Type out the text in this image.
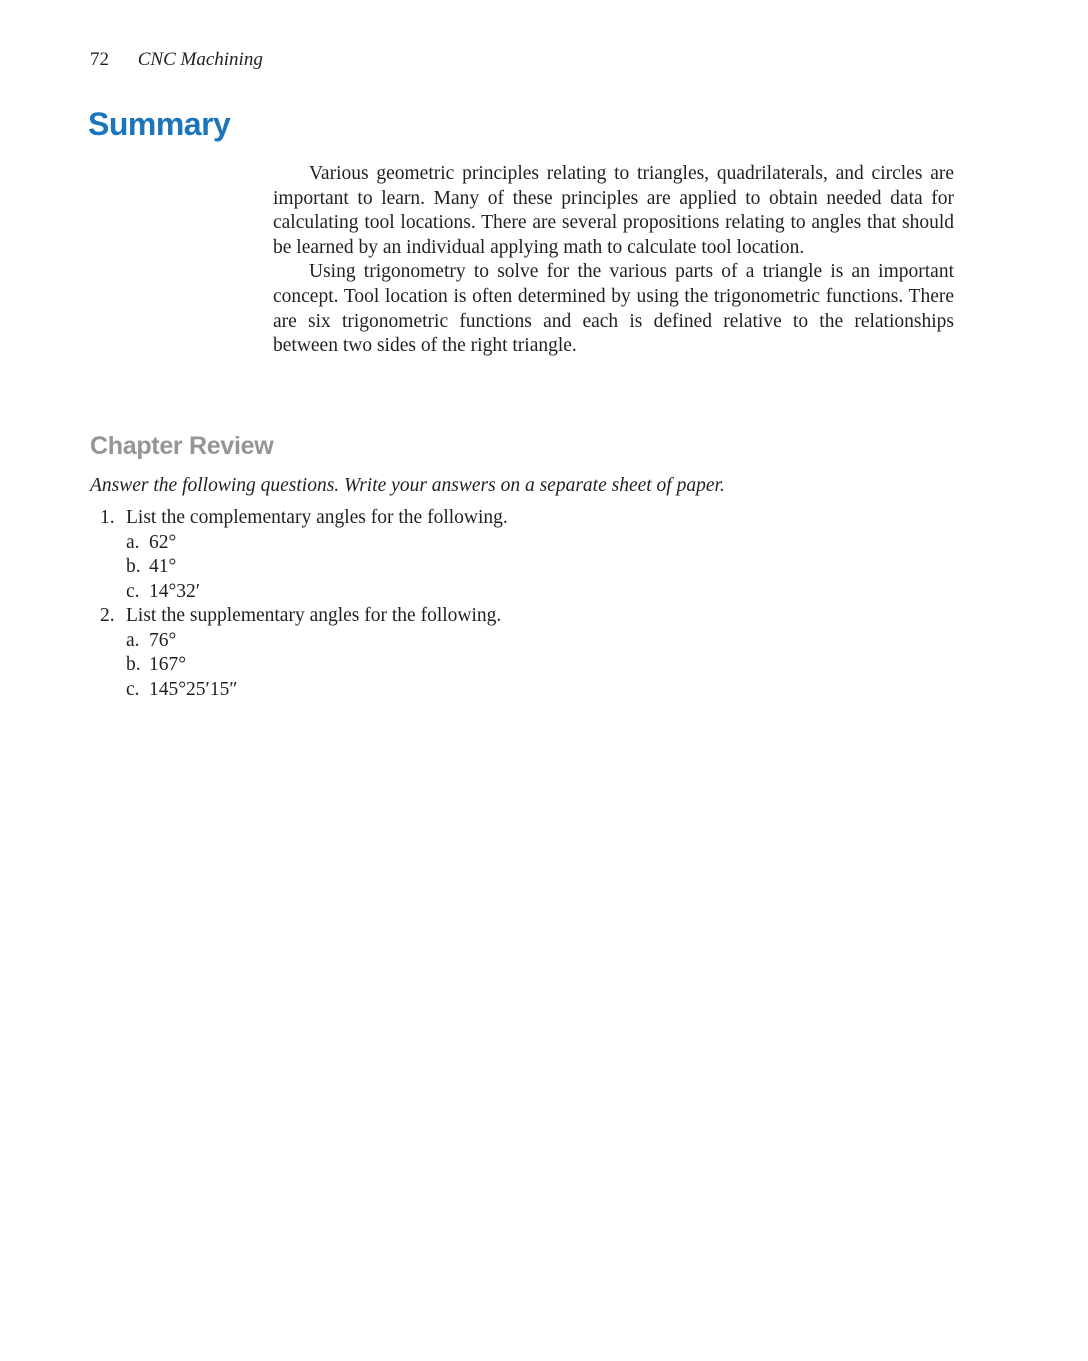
72 CNC Machining
Summary

Various geometric principles relating to triangles, quadrilaterals, and circles are important to learn. Many of these principles are applied to obtain needed data for calculating tool locations. There are several propositions relating to angles that should be learned by an individual applying math to calculate tool location.

Using trigonometry to solve for the various parts of a triangle is an important concept. Tool location is often determined by using the trigonometric functions. There are six trigonometric functions and each is defined relative to the relationships between two sides of the right triangle.

Chapter Review

Answer the following questions. Write your answers on a separate sheet of paper.

1. List the complementary angles for the following.
a. 62°
b. 41°
c. 14°32′
2. List the supplementary angles for the following.
a. 76°
b. 167°
c. 145°25′15″
